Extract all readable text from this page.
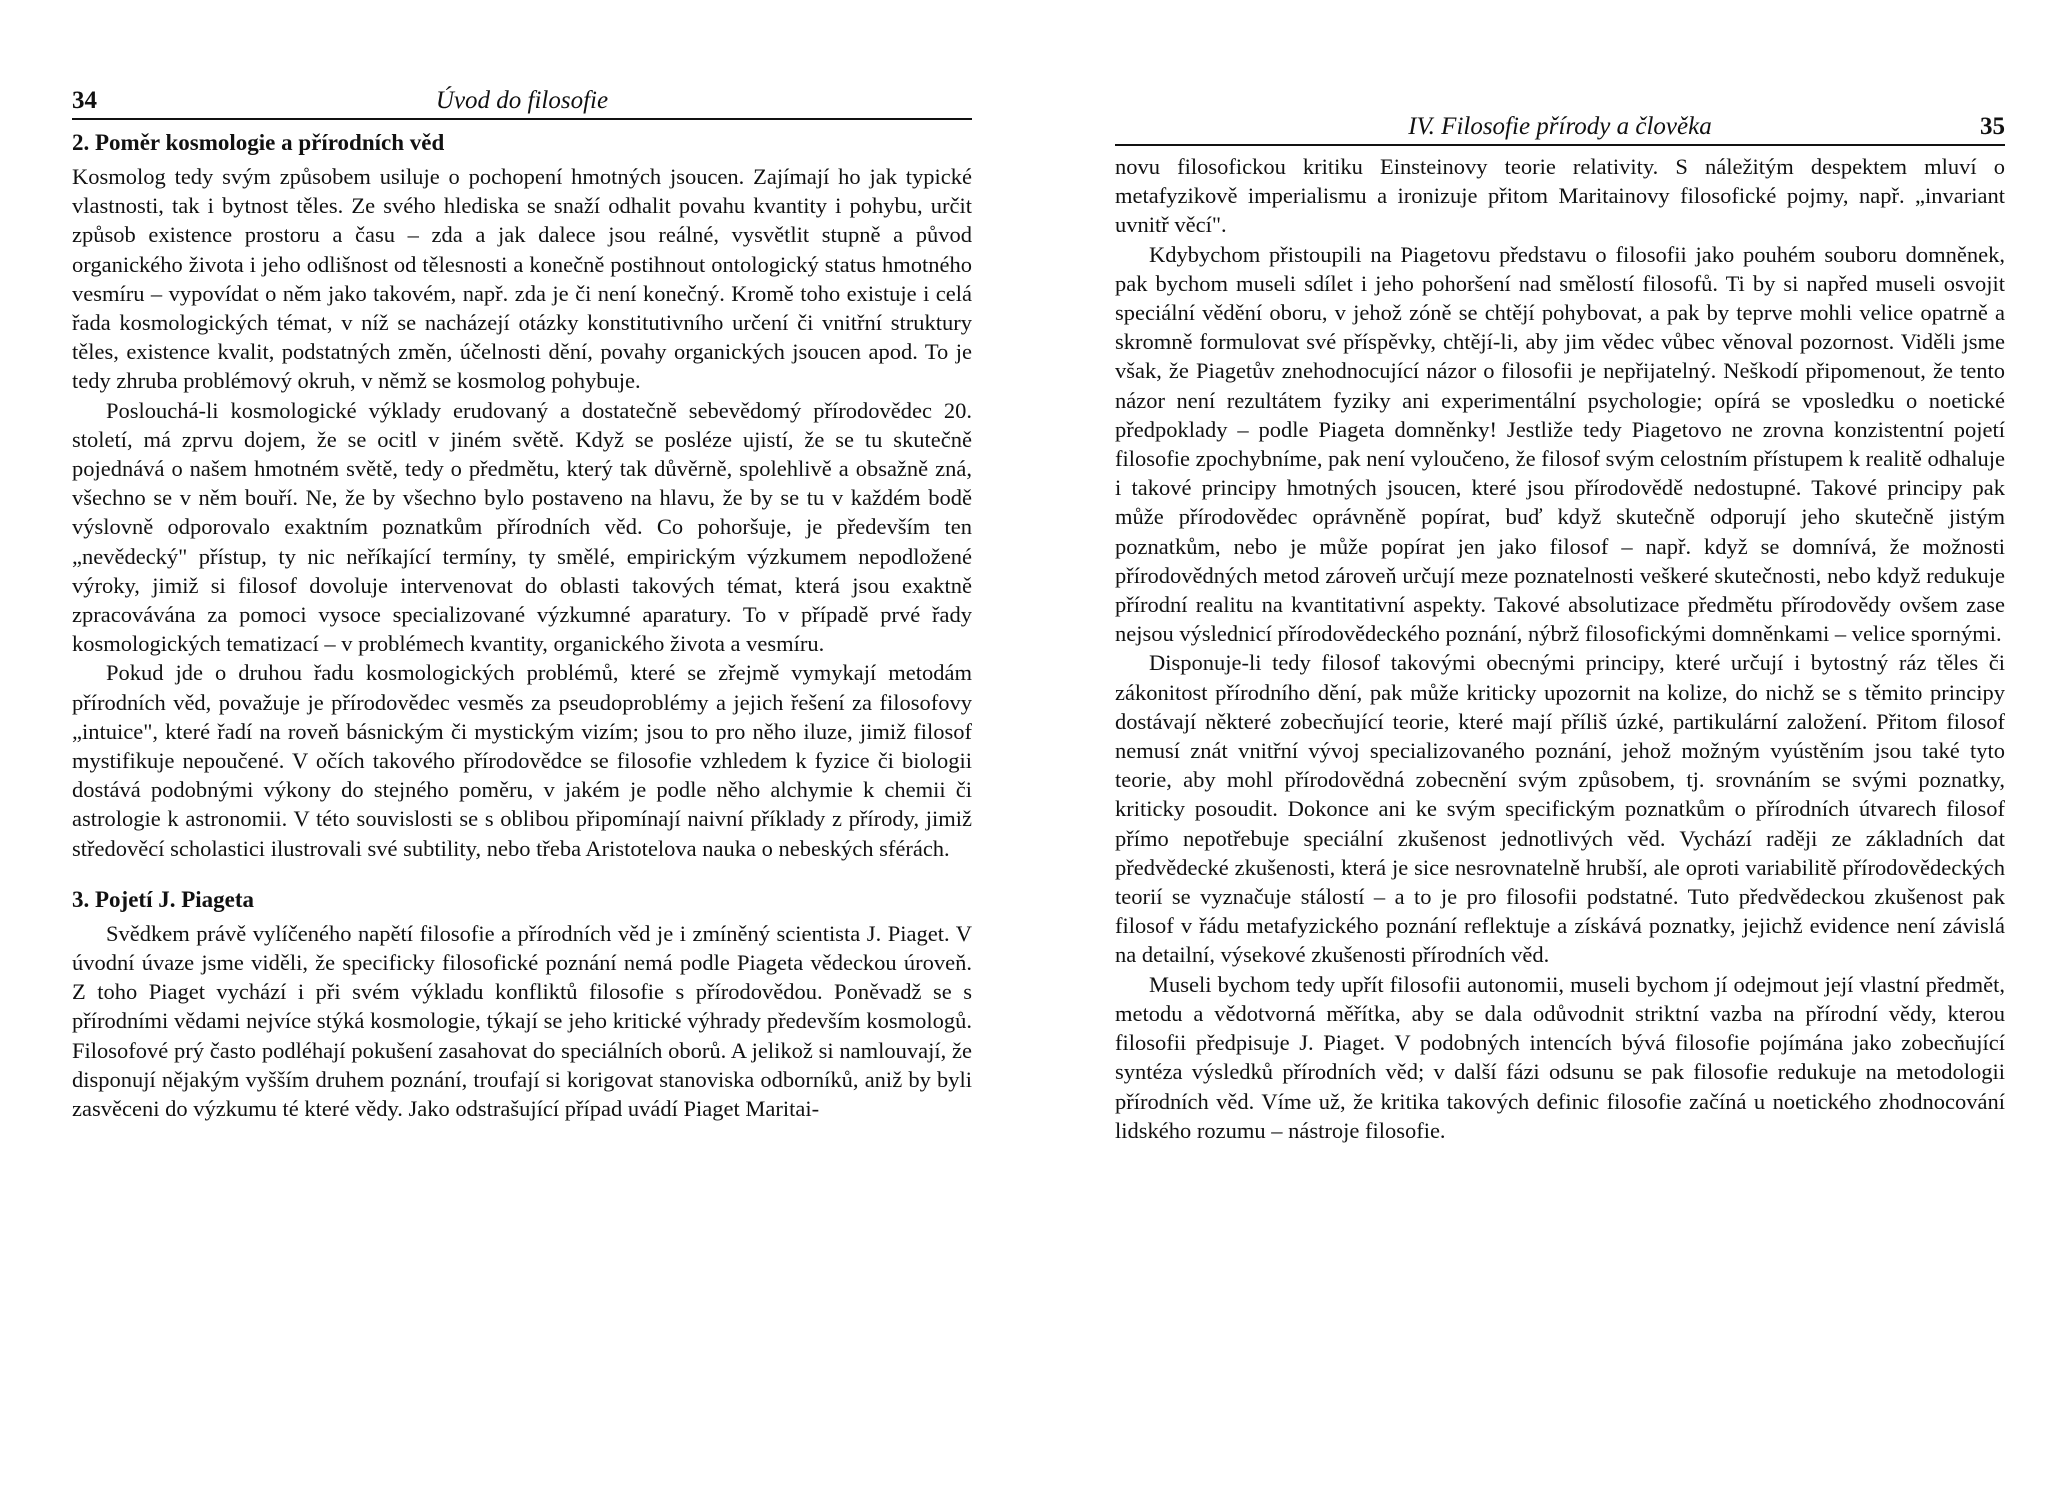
34	Úvod do filosofie
2. Poměr kosmologie a přírodních věd

Kosmolog tedy svým způsobem usiluje o pochopení hmotných jsoucen. Zajímají ho jak typické vlastnosti, tak i bytnost těles. Ze svého hlediska se snaží odhalit povahu kvantity i pohybu, určit způsob existence prostoru a času – zda a jak dalece jsou reálné, vysvětlit stupně a původ organického života i jeho odlišnost od tělesnosti a konečně postihnout ontologický status hmotného vesmíru – vypovídat o něm jako takovém, např. zda je či není konečný. Kromě toho existuje i celá řada kosmologických témat, v níž se nacházejí otázky konstitutivního určení či vnitřní struktury těles, existence kvalit, podstatných změn, účelnosti dění, povahy organických jsoucen apod. To je tedy zhruba problémový okruh, v němž se kosmolog pohybuje.

Poslouchá-li kosmologické výklady erudovaný a dostatečně sebevědomý přírodovědec 20. století, má zprvu dojem, že se ocitl v jiném světě. Když se posléze ujistí, že se tu skutečně pojednává o našem hmotném světě, tedy o předmětu, který tak důvěrně, spolehlivě a obsažně zná, všechno se v něm bouří. Ne, že by všechno bylo postaveno na hlavu, že by se tu v každém bodě výslovně odporovalo exaktním poznatkům přírodních věd. Co pohoršuje, je především ten „nevědecký" přístup, ty nic neříkající termíny, ty smělé, empirickým výzkumem nepodložené výroky, jimiž si filosof dovoluje intervenovat do oblasti takových témat, která jsou exaktně zpracovávána za pomoci vysoce specializované výzkumné aparatury. To v případě prvé řady kosmologických tematizací – v problémech kvantity, organického života a vesmíru.

Pokud jde o druhou řadu kosmologických problémů, které se zřejmě vymykají metodám přírodních věd, považuje je přírodovědec vesměs za pseudoproblémy a jejich řešení za filosofovy „intuice", které řadí na roveň básnickým či mystickým vizím; jsou to pro něho iluze, jimiž filosof mystifikuje nepoučené. V očích takového přírodovědce se filosofie vzhledem k fyzice či biologii dostává podobnými výkony do stejného poměru, v jakém je podle něho alchymie k chemii či astrologie k astronomii. V této souvislosti se s oblibou připomínají naivní příklady z přírody, jimiž středověcí scholastici ilustrovali své subtility, nebo třeba Aristotelova nauka o nebeských sférách.

3. Pojetí J. Piageta

Svědkem právě vylíčeného napětí filosofie a přírodních věd je i zmíněný scientista J. Piaget. V úvodní úvaze jsme viděli, že specificky filosofické poznání nemá podle Piageta vědeckou úroveň. Z toho Piaget vychází i při svém výkladu konfliktů filosofie s přírodovědou. Poněvadž se s přírodními vědami nejvíce stýká kosmologie, týkají se jeho kritické výhrady především kosmologů. Filosofové prý často podléhají pokušení zasahovat do speciálních oborů. A jelikož si namlouvají, že disponují nějakým vyšším druhem poznání, troufají si korigovat stanoviska odborníků, aniž by byli zasvěceni do výzkumu té které vědy. Jako odstrašující případ uvádí Piaget Maritai-

IV. Filosofie přírody a člověka	35

novu filosofickou kritiku Einsteinovy teorie relativity. S náležitým despektem mluví o metafyzikově imperialismu a ironizuje přitom Maritainovy filosofické pojmy, např. „invariant uvnitř věcí".

Kdybychom přistoupili na Piagetovu představu o filosofii jako pouhém souboru domněnek, pak bychom museli sdílet i jeho pohoršení nad smělostí filosofů. Ti by si napřed museli osvojit speciální vědění oboru, v jehož zóně se chtějí pohybovat, a pak by teprve mohli velice opatrně a skromně formulovat své příspěvky, chtějí-li, aby jim vědec vůbec věnoval pozornost. Viděli jsme však, že Piagetův znehodnocující názor o filosofii je nepřijatelný. Neškodí připomenout, že tento názor není rezultátem fyziky ani experimentální psychologie; opírá se vposledku o noetické předpoklady – podle Piageta domněnky! Jestliže tedy Piagetovo ne zrovna konzistentní pojetí filosofie zpochybníme, pak není vyloučeno, že filosof svým celostním přístupem k realitě odhaluje i takové principy hmotných jsoucen, které jsou přírodovědě nedostupné. Takové principy pak může přírodovědec oprávněně popírat, buď když skutečně odporují jeho skutečně jistým poznatkům, nebo je může popírat jen jako filosof – např. když se domnívá, že možnosti přírodovědných metod zároveň určují meze poznatelnosti veškeré skutečnosti, nebo když redukuje přírodní realitu na kvantitativní aspekty. Takové absolutizace předmětu přírodovědy ovšem zase nejsou výslednicí přírodovědeckého poznání, nýbrž filosofickými domněnkami – velice spornými.

Disponuje-li tedy filosof takovými obecnými principy, které určují i bytostný ráz těles či zákonitost přírodního dění, pak může kriticky upozornit na kolize, do nichž se s těmito principy dostávají některé zobecňující teorie, které mají příliš úzké, partikulární založení. Přitom filosof nemusí znát vnitřní vývoj specializovaného poznání, jehož možným vyústěním jsou také tyto teorie, aby mohl přírodovědná zobecnění svým způsobem, tj. srovnáním se svými poznatky, kriticky posoudit. Dokonce ani ke svým specifickým poznatkům o přírodních útvarech filosof přímo nepotřebuje speciální zkušenost jednotlivých věd. Vychází raději ze základních dat předvědecké zkušenosti, která je sice nesrovnatelně hrubší, ale oproti variabilitě přírodovědeckých teorií se vyznačuje stálostí – a to je pro filosofii podstatné. Tuto předvědeckou zkušenost pak filosof v řádu metafyzického poznání reflektuje a získává poznatky, jejichž evidence není závislá na detailní, výsekové zkušenosti přírodních věd.

Museli bychom tedy upřít filosofii autonomii, museli bychom jí odejmout její vlastní předmět, metodu a vědotvorná měřítka, aby se dala odůvodnit striktní vazba na přírodní vědy, kterou filosofii předpisuje J. Piaget. V podobných intencích bývá filosofie pojímána jako zobecňující syntéza výsledků přírodních věd; v další fázi odsunu se pak filosofie redukuje na metodologii přírodních věd. Víme už, že kritika takových definic filosofie začíná u noetického zhodnocování lidského rozumu – nástroje filosofie.
